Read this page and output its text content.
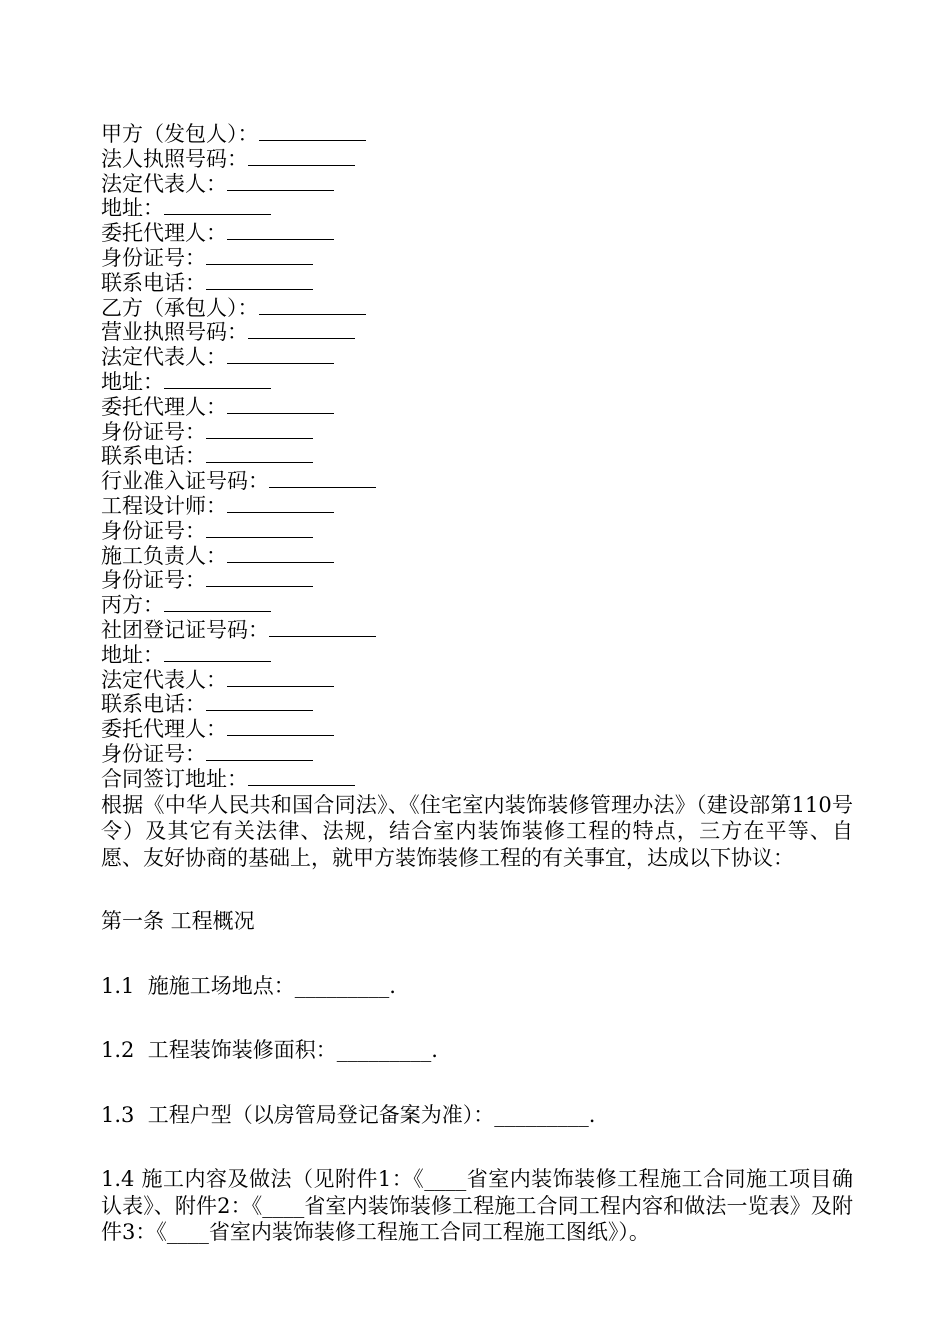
甲方（发包人）：
法人执照号码：
法定代表人：
地址：
委托代理人：
身份证号：
联系电话：
乙方（承包人）：
营业执照号码：
法定代表人：
地址：
委托代理人：
身份证号：
联系电话：
行业准入证号码：
工程设计师：
身份证号：
施工负责人：
身份证号：
丙方：
社团登记证号码：
地址：
法定代表人：
联系电话：
委托代理人：
身份证号：
合同签订地址：

根据《中华人民共和国合同法》、《住宅室内装饰装修管理办法》（建设部第110号令）及其它有关法律、法规，结合室内装饰装修工程的特点，三方在平等、自愿、友好协商的基础上，就甲方装饰装修工程的有关事宜，达成以下协议：

第一条 工程概况
1.1  施施工场地点：_________.
1.2  工程装饰装修面积：_________.
1.3  工程户型（以房管局登记备案为准）：_________.
1.4 施工内容及做法（见附件1：《____省室内装饰装修工程施工合同施工项目确认表》、附件2：《____省室内装饰装修工程施工合同工程内容和做法一览表》及附件3：《____省室内装饰装修工程施工合同工程施工图纸》）。
